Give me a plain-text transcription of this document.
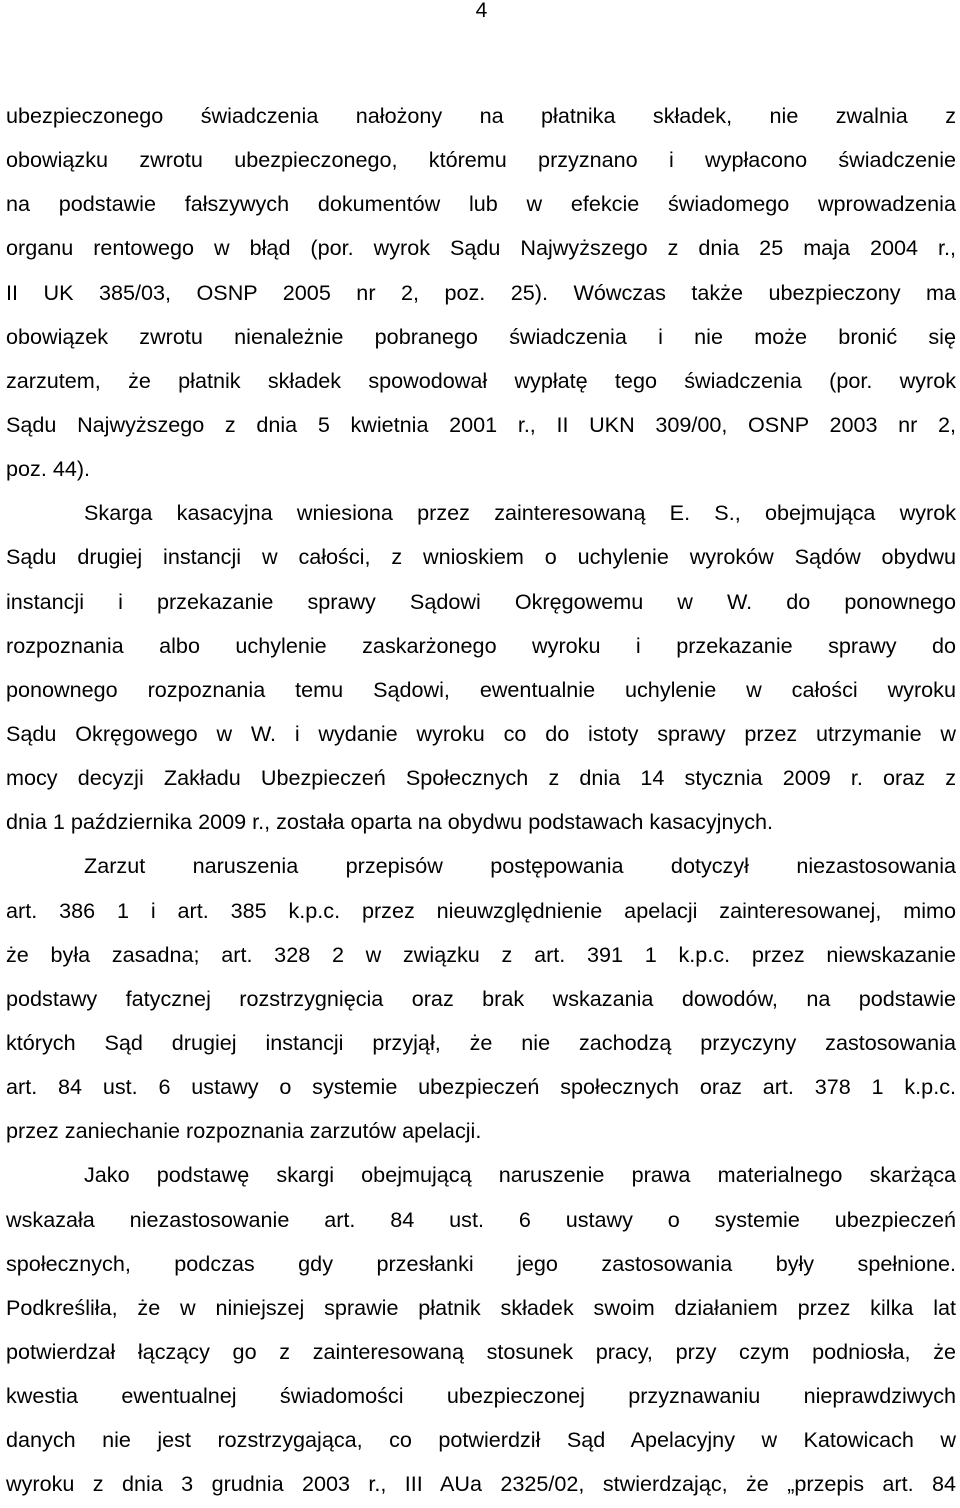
4
ubezpieczonego świadczenia nałożony na płatnika składek, nie zwalnia z
obowiązku zwrotu ubezpieczonego, któremu przyznano i wypłacono świadczenie
na podstawie fałszywych dokumentów lub w efekcie świadomego wprowadzenia
organu rentowego w błąd (por. wyrok Sądu Najwyższego z dnia 25 maja 2004 r.,
II UK 385/03, OSNP 2005 nr 2, poz. 25). Wówczas także ubezpieczony ma
obowiązek zwrotu nienależnie pobranego świadczenia i nie może bronić się
zarzutem, że płatnik składek spowodował wypłatę tego świadczenia (por. wyrok
Sądu Najwyższego z dnia 5 kwietnia 2001 r., II UKN 309/00, OSNP 2003 nr 2,
poz. 44).
Skarga kasacyjna wniesiona przez zainteresowaną E. S., obejmująca wyrok
Sądu drugiej instancji w całości, z wnioskiem o uchylenie wyroków Sądów obydwu
instancji i przekazanie sprawy Sądowi Okręgowemu w W. do ponownego
rozpoznania albo uchylenie zaskarżonego wyroku i przekazanie sprawy do
ponownego rozpoznania temu Sądowi, ewentualnie uchylenie w całości wyroku
Sądu Okręgowego w W. i wydanie wyroku co do istoty sprawy przez utrzymanie w
mocy decyzji Zakładu Ubezpieczeń Społecznych z dnia 14 stycznia 2009 r. oraz z
dnia 1 października 2009 r., została oparta na obydwu podstawach kasacyjnych.
Zarzut naruszenia przepisów postępowania dotyczył niezastosowania
art. 386 1 i art. 385 k.p.c. przez nieuwzględnienie apelacji zainteresowanej, mimo
że była zasadna; art. 328 2 w związku z art. 391 1 k.p.c. przez niewskazanie
podstawy fatycznej rozstrzygnięcia oraz brak wskazania dowodów, na podstawie
których Sąd drugiej instancji przyjął, że nie zachodzą przyczyny zastosowania
art. 84 ust. 6 ustawy o systemie ubezpieczeń społecznych oraz art. 378 1 k.p.c.
przez zaniechanie rozpoznania zarzutów apelacji.
Jako podstawę skargi obejmującą naruszenie prawa materialnego skarżąca
wskazała niezastosowanie art. 84 ust. 6 ustawy o systemie ubezpieczeń
społecznych, podczas gdy przesłanki jego zastosowania były spełnione.
Podkreśliła, że w niniejszej sprawie płatnik składek swoim działaniem przez kilka lat
potwierdzał łączący go z zainteresowaną stosunek pracy, przy czym podniosła, że
kwestia ewentualnej świadomości ubezpieczonej przyznawaniu nieprawdziwych
danych nie jest rozstrzygająca, co potwierdził Sąd Apelacyjny w Katowicach w
wyroku z dnia 3 grudnia 2003 r., III AUa 2325/02, stwierdzając, że „przepis art. 84
